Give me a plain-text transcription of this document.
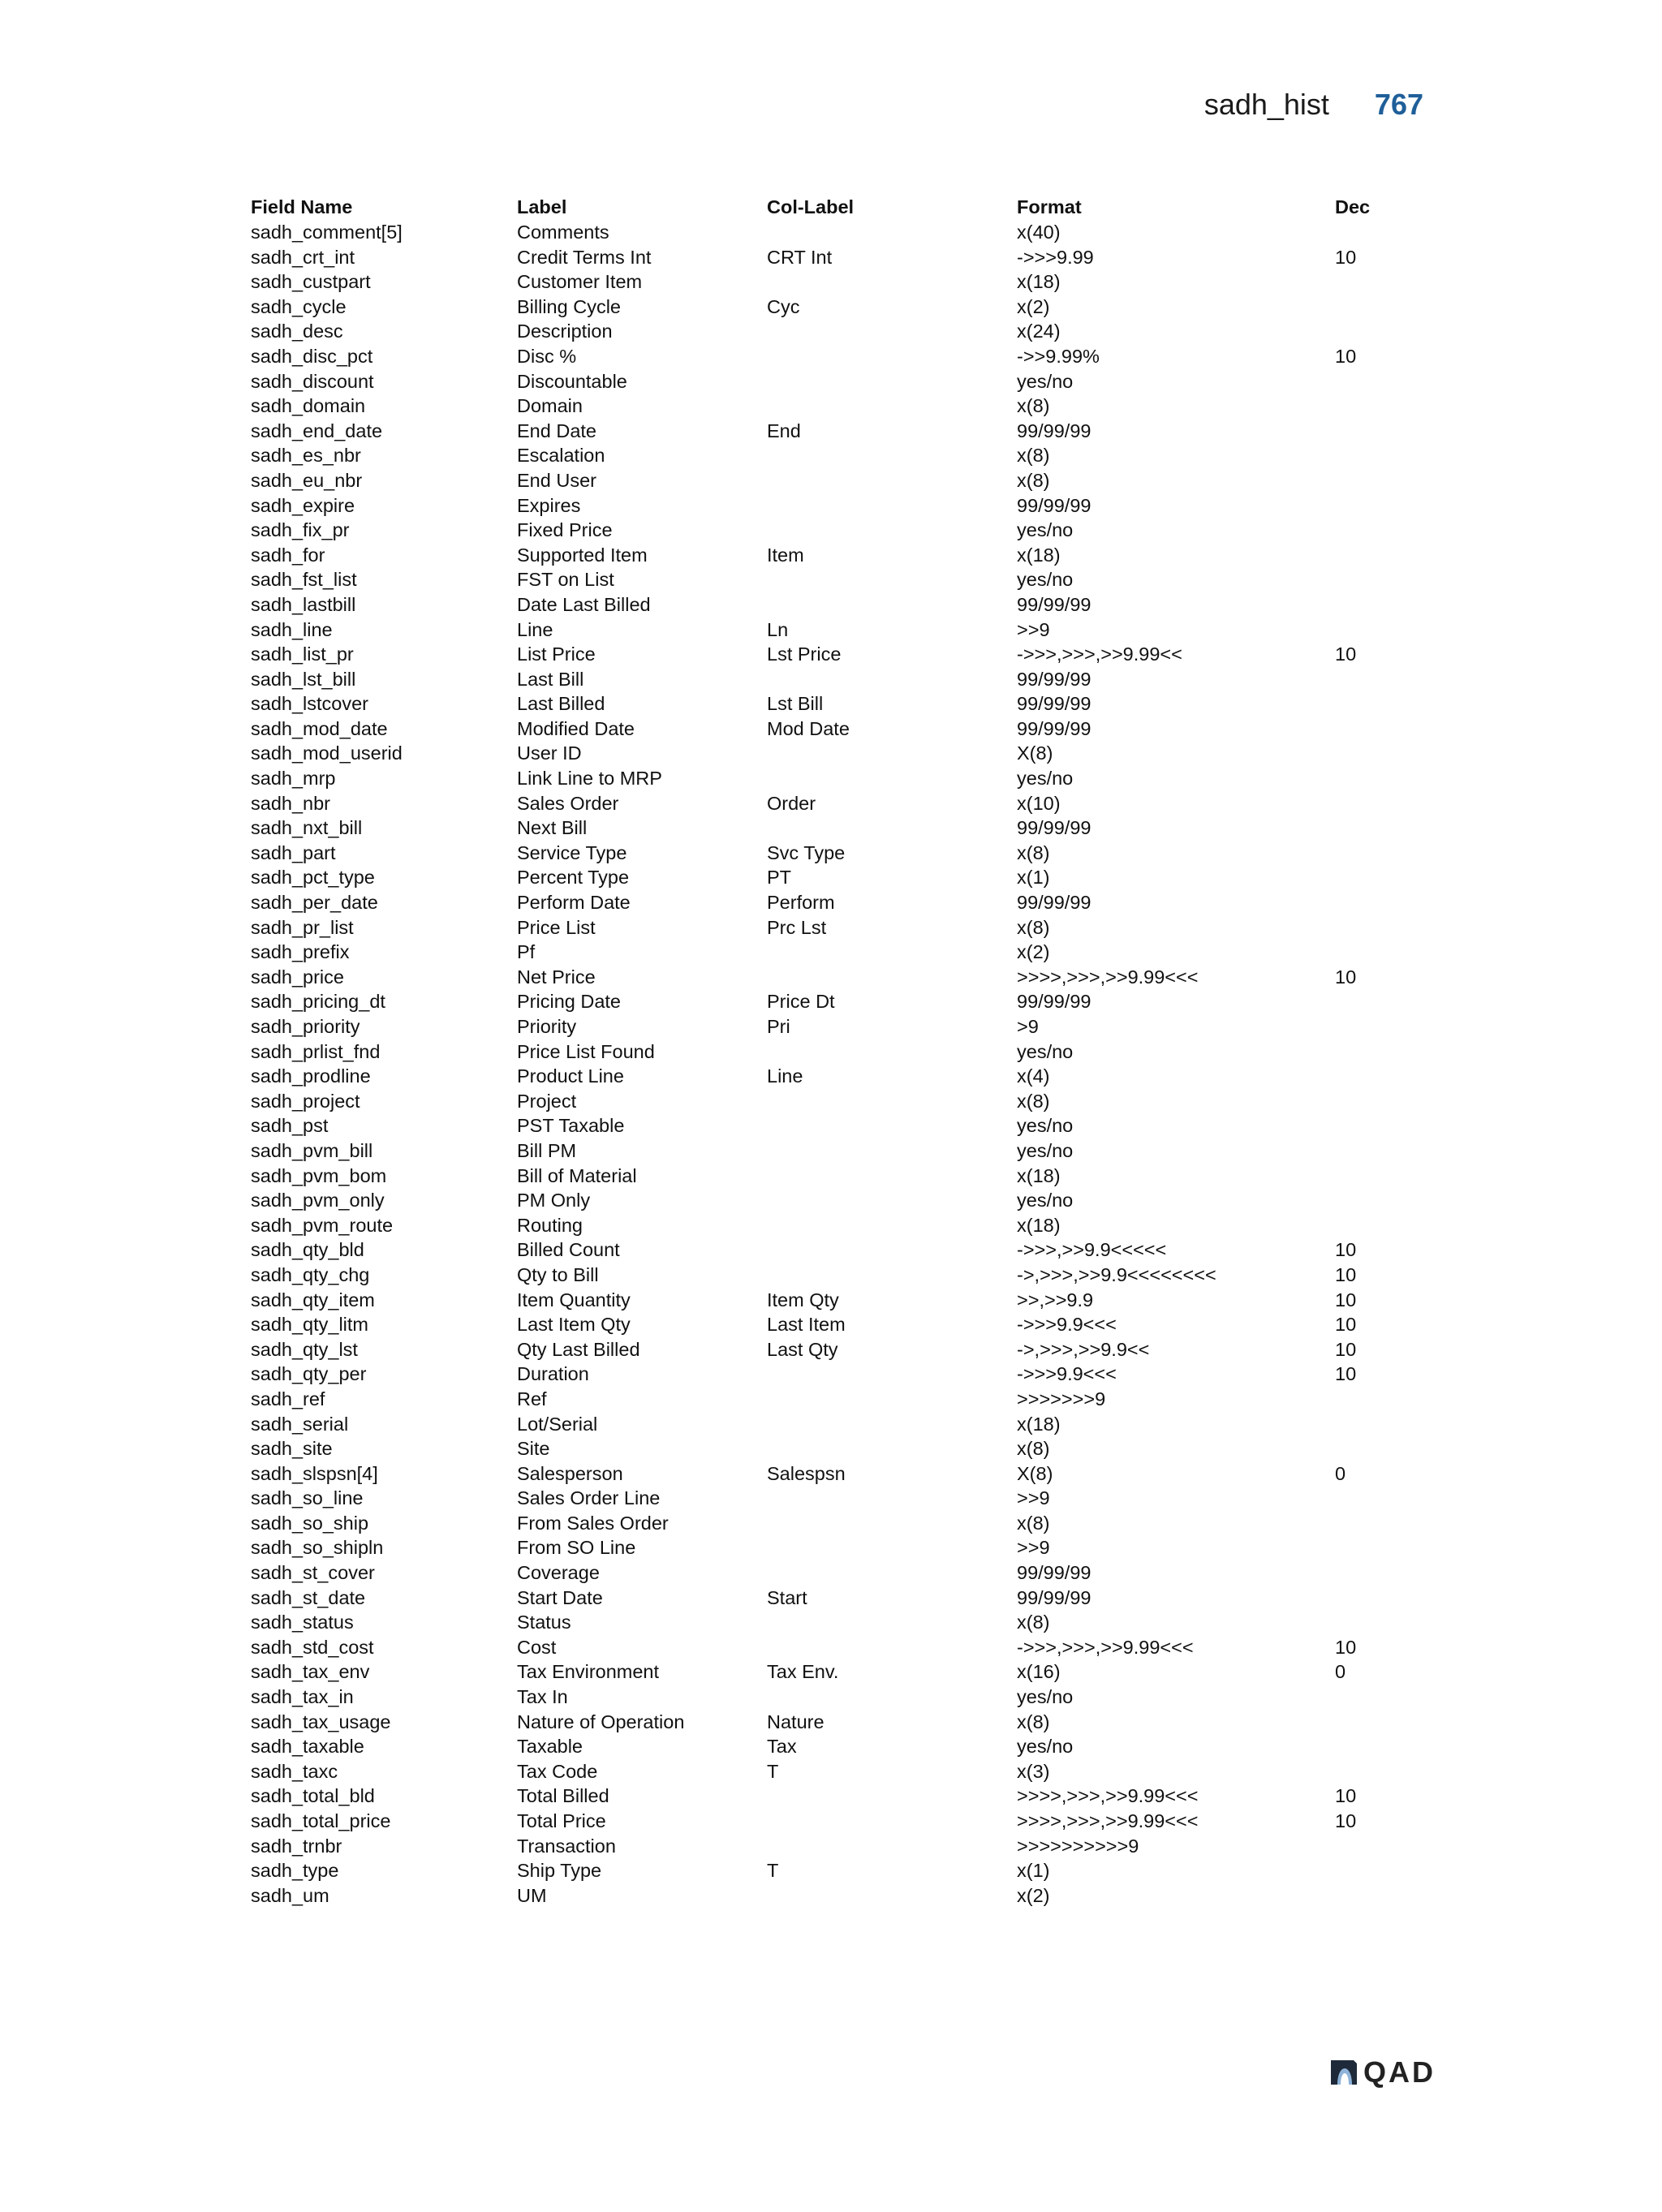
sadh_hist 767
Field Name	Label	Col-Label	Format	Dec
sadh_comment[5]	Comments		x(40)	
sadh_crt_int	Credit Terms Int	CRT Int	->>>9.99	10
sadh_custpart	Customer Item		x(18)	
sadh_cycle	Billing Cycle	Cyc	x(2)	
sadh_desc	Description		x(24)	
sadh_disc_pct	Disc %		->>9.99%	10
sadh_discount	Discountable		yes/no	
sadh_domain	Domain		x(8)	
sadh_end_date	End Date	End	99/99/99	
sadh_es_nbr	Escalation		x(8)	
sadh_eu_nbr	End User		x(8)	
sadh_expire	Expires		99/99/99	
sadh_fix_pr	Fixed Price		yes/no	
sadh_for	Supported Item	Item	x(18)	
sadh_fst_list	FST on List		yes/no	
sadh_lastbill	Date Last Billed		99/99/99	
sadh_line	Line	Ln	>>9	
sadh_list_pr	List Price	Lst Price	->>>,>>>,>>9.99<<	10
sadh_lst_bill	Last Bill		99/99/99	
sadh_lstcover	Last Billed	Lst Bill	99/99/99	
sadh_mod_date	Modified Date	Mod Date	99/99/99	
sadh_mod_userid	User ID		X(8)	
sadh_mrp	Link Line to MRP		yes/no	
sadh_nbr	Sales Order	Order	x(10)	
sadh_nxt_bill	Next Bill		99/99/99	
sadh_part	Service Type	Svc Type	x(8)	
sadh_pct_type	Percent Type	PT	x(1)	
sadh_per_date	Perform Date	Perform	99/99/99	
sadh_pr_list	Price List	Prc Lst	x(8)	
sadh_prefix	Pf		x(2)	
sadh_price	Net Price		>>>>,>>>,>>9.99<<<	10
sadh_pricing_dt	Pricing Date	Price Dt	99/99/99	
sadh_priority	Priority	Pri	>9	
sadh_prlist_fnd	Price List Found		yes/no	
sadh_prodline	Product Line	Line	x(4)	
sadh_project	Project		x(8)	
sadh_pst	PST Taxable		yes/no	
sadh_pvm_bill	Bill PM		yes/no	
sadh_pvm_bom	Bill of Material		x(18)	
sadh_pvm_only	PM Only		yes/no	
sadh_pvm_route	Routing		x(18)	
sadh_qty_bld	Billed Count		->>>,>>9.9<<<<<	10
sadh_qty_chg	Qty to Bill		->,>>>,>>9.9<<<<<<<<	10
sadh_qty_item	Item Quantity	Item Qty	>>,>>9.9	10
sadh_qty_litm	Last Item Qty	Last Item	->>>9.9<<<	10
sadh_qty_lst	Qty Last Billed	Last Qty	->,>>>,>>9.9<<	10
sadh_qty_per	Duration		->>>9.9<<<	10
sadh_ref	Ref		>>>>>>>9	
sadh_serial	Lot/Serial		x(18)	
sadh_site	Site		x(8)	
sadh_slspsn[4]	Salesperson	Salespsn	X(8)	0
sadh_so_line	Sales Order Line		>>9	
sadh_so_ship	From Sales Order		x(8)	
sadh_so_shipln	From SO Line		>>9	
sadh_st_cover	Coverage		99/99/99	
sadh_st_date	Start Date	Start	99/99/99	
sadh_status	Status		x(8)	
sadh_std_cost	Cost		->>>,>>>,>>9.99<<<	10
sadh_tax_env	Tax Environment	Tax Env.	x(16)	0
sadh_tax_in	Tax In		yes/no	
sadh_tax_usage	Nature of Operation	Nature	x(8)	
sadh_taxable	Taxable	Tax	yes/no	
sadh_taxc	Tax Code	T	x(3)	
sadh_total_bld	Total Billed		>>>>,>>>,>>9.99<<<	10
sadh_total_price	Total Price		>>>>,>>>,>>9.99<<<	10
sadh_trnbr	Transaction		>>>>>>>>>>9	
sadh_type	Ship Type	T	x(1)	
sadh_um	UM		x(2)	
QAD
